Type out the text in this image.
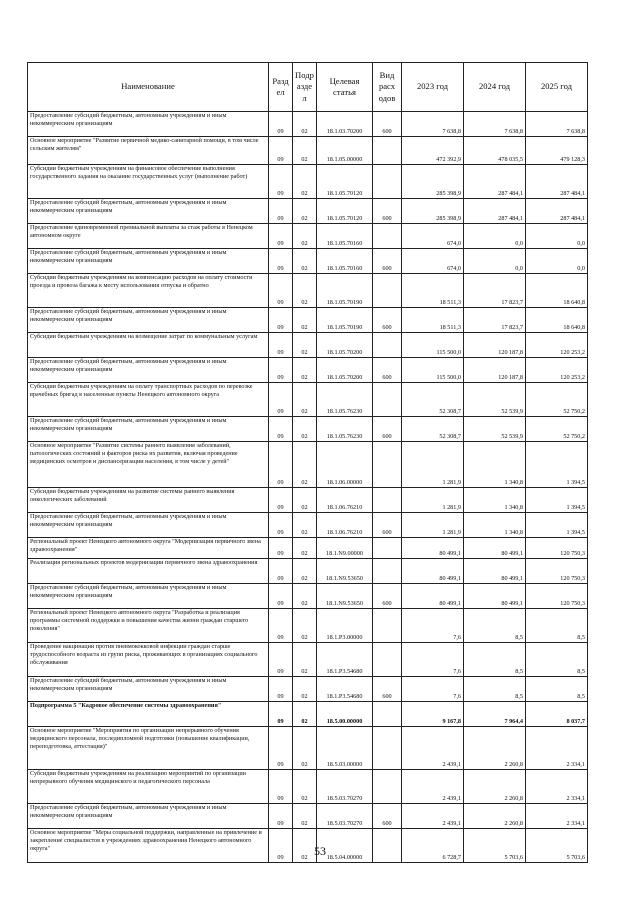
Наименование	Разд ел	Подр азде л	Целевая статья	Вид расх одов	2023 год	2024 год	2025 год
Предоставление субсидий бюджетным, автономным учреждениям и иным некоммерческим организациям	09	02	18.1.03.70200	600	7 638,8	7 638,8	7 638,8
Основное мероприятие "Развитие первичной медико-санитарной помощи, в том числе сельским жителям"	09	02	18.1.05.00000		472 392,9	478 035,5	479 128,3
Субсидии бюджетным учреждениям на финансовое обеспечение выполнения государственного задания на оказание государственных услуг (выполнение работ)	09	02	18.1.05.70120		285 398,9	287 484,1	287 484,1
Предоставление субсидий бюджетным, автономным учреждениям и иным некоммерческим организациям	09	02	18.1.05.70120	600	285 398,9	287 484,1	287 484,1
Предоставление единовременной премиальной выплаты за стаж работы в Ненецком автономном округе	09	02	18.1.05.70160		674,0	0,0	0,0
Предоставление субсидий бюджетным, автономным учреждениям и иным некоммерческим организациям	09	02	18.1.05.70160	600	674,0	0,0	0,0
Субсидии бюджетным учреждениям на компенсацию расходов на оплату стоимости проезда и провоза багажа к месту использования отпуска и обратно	09	02	18.1.05.70190		18 511,3	17 823,7	18 640,8
Предоставление субсидий бюджетным, автономным учреждениям и иным некоммерческим организациям	09	02	18.1.05.70190	600	18 511,3	17 823,7	18 640,8
Субсидии бюджетным учреждениям на возмещение затрат по коммунальным услугам	09	02	18.1.05.70200		115 500,0	120 187,8	120 253,2
Предоставление субсидий бюджетным, автономным учреждениям и иным некоммерческим организациям	09	02	18.1.05.70200	600	115 500,0	120 187,8	120 253,2
Субсидии бюджетным учреждениям на оплату транспортных расходов по перевозке врачебных бригад в населенные пункты Ненецкого автономного округа	09	02	18.1.05.76230		52 308,7	52 539,9	52 750,2
Предоставление субсидий бюджетным, автономным учреждениям и иным некоммерческим организациям	09	02	18.1.05.76230	600	52 308,7	52 539,9	52 750,2
Основное мероприятие "Развитие системы раннего выявления заболеваний, патологических состояний и факторов риска их развития, включая проведение медицинских осмотров и диспансеризации населения, в том числе у детей"	09	02	18.1.06.00000		1 281,9	1 340,8	1 394,5
Субсидии бюджетным учреждениям на развитие системы раннего выявления онкологических заболеваний	09	02	18.1.06.76210		1 281,9	1 340,8	1 394,5
Предоставление субсидий бюджетным, автономным учреждениям и иным некоммерческим организациям	09	02	18.1.06.76210	600	1 281,9	1 340,8	1 394,5
Региональный проект Ненецкого автономного округа "Модернизация первичного звена здравоохранения"	09	02	18.1.N9.00000		80 499,1	80 499,1	120 750,3
Реализация региональных проектов модернизации первичного звена здравоохранения	09	02	18.1.N9.53650		80 499,1	80 499,1	120 750,3
Предоставление субсидий бюджетным, автономным учреждениям и иным некоммерческим организациям	09	02	18.1.N9.53650	600	80 499,1	80 499,1	120 750,3
Региональный проект Ненецкого автономного округа "Разработка и реализация программы системной поддержки и повышения качества жизни граждан старшего поколения"	09	02	18.1.P3.00000		7,6	8,5	8,5
Проведение вакцинации против пневмококковой инфекции граждан старше трудоспособного возраста из групп риска, проживающих в организациях социального обслуживания	09	02	18.1.P3.54680		7,6	8,5	8,5
Предоставление субсидий бюджетным, автономным учреждениям и иным некоммерческим организациям	09	02	18.1.P3.54680	600	7,6	8,5	8,5
Подпрограмма 5 "Кадровое обеспечение системы здравоохранения"	09	02	18.5.00.00000		9 167,8	7 964,4	8 037,7
Основное мероприятие "Мероприятия по организации непрерывного обучения медицинского персонала, последипломной подготовки (повышение квалификации, переподготовка, аттестация)"	09	02	18.5.03.00000		2 439,1	2 260,8	2 334,1
Субсидии бюджетным учреждениям на реализацию мероприятий по организации непрерывного обучения медицинского и педагогического персонала	09	02	18.5.03.70270		2 439,1	2 260,8	2 334,1
Предоставление субсидий бюджетным, автономным учреждениям и иным некоммерческим организациям	09	02	18.5.03.70270	600	2 439,1	2 260,8	2 334,1
Основное мероприятие "Меры социальной поддержки, направленные на привлечение и закрепление специалистов в учреждениях здравоохранения Ненецкого автономного округа"	09	02	18.5.04.00000		6 728,7	5 703,6	5 703,6
53
